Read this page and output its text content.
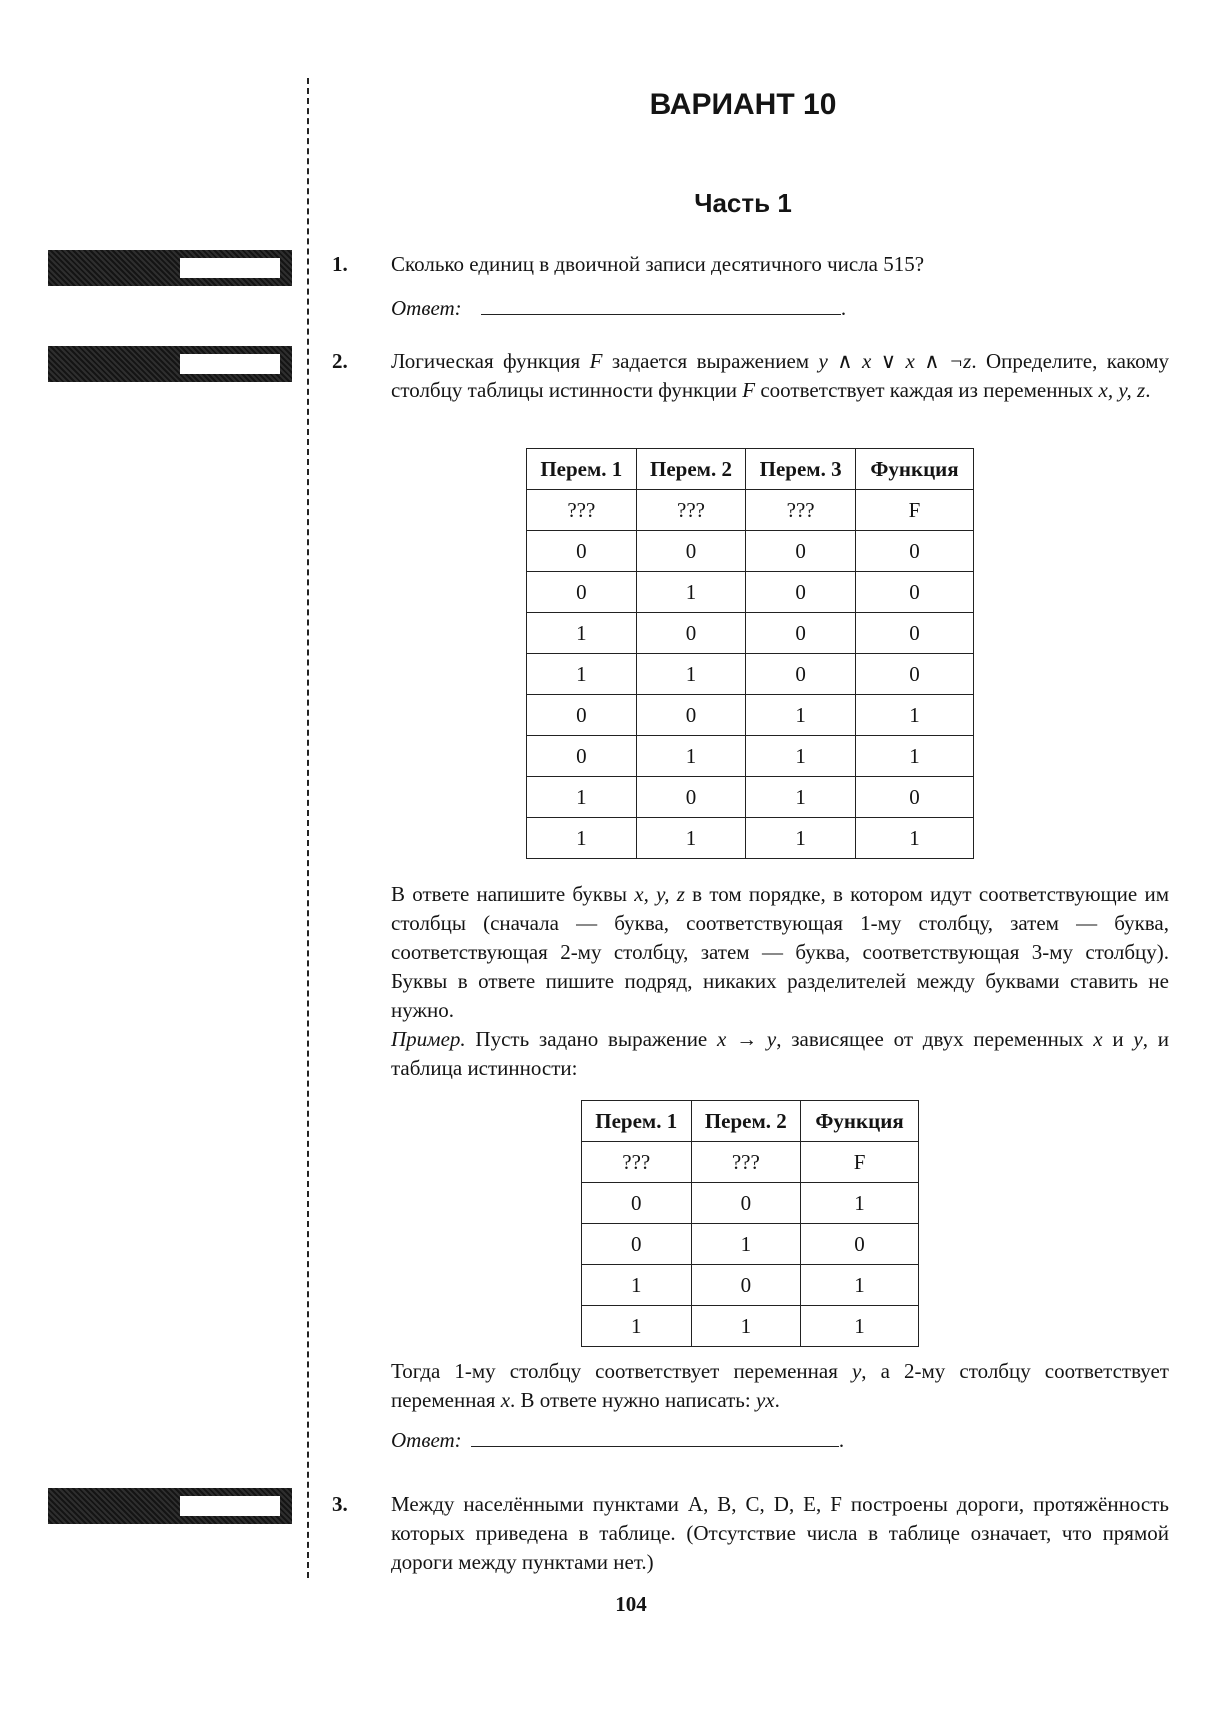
ВАРИАНТ 10
Часть 1
1. Сколько единиц в двоичной записи десятичного числа 515?
Ответ:	.
2. Логическая функция F задается выражением y ∧ x ∨ x ∧ ¬z. Определите, какому столбцу таблицы истинности функции F соответствует каждая из переменных x, y, z.
Перем. 1	Перем. 2	Перем. 3	Функция
???	???	???	F
0	0	0	0
0	1	0	0
1	0	0	0
1	1	0	0
0	0	1	1
0	1	1	1
1	0	1	0
1	1	1	1
В ответе напишите буквы x, y, z в том порядке, в котором идут соответствующие им столбцы (сначала — буква, соответствующая 1-му столбцу, затем — буква, соответствующая 2-му столбцу, затем — буква, соответствующая 3-му столбцу). Буквы в ответе пишите подряд, никаких разделителей между буквами ставить не нужно.
Пример. Пусть задано выражение x → y, зависящее от двух переменных x и y, и таблица истинности:
Перем. 1	Перем. 2	Функция
???	???	F
0	0	1
0	1	0
1	0	1
1	1	1
Тогда 1-му столбцу соответствует переменная y, а 2-му столбцу соответствует переменная x. В ответе нужно написать: yx.
Ответ:	.
3. Между населёнными пунктами A, B, C, D, E, F построены дороги, протяжённость которых приведена в таблице. (Отсутствие числа в таблице означает, что прямой дороги между пунктами нет.)
104
